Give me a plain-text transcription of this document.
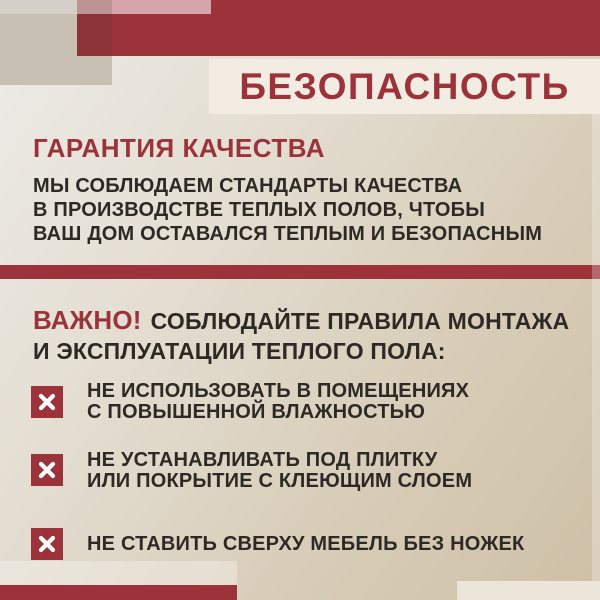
БЕЗОПАСНОСТЬ
ГАРАНТИЯ КАЧЕСТВА
МЫ СОБЛЮДАЕМ СТАНДАРТЫ КАЧЕСТВА
В ПРОИЗВОДСТВЕ ТЕПЛЫХ ПОЛОВ, ЧТОБЫ
ВАШ ДОМ ОСТАВАЛСЯ ТЕПЛЫМ И БЕЗОПАСНЫМ
ВАЖНО! СОБЛЮДАЙТЕ ПРАВИЛА МОНТАЖА
И ЭКСПЛУАТАЦИИ ТЕПЛОГО ПОЛА:
НЕ ИСПОЛЬЗОВАТЬ В ПОМЕЩЕНИЯХ
С ПОВЫШЕННОЙ ВЛАЖНОСТЬЮ
НЕ УСТАНАВЛИВАТЬ ПОД ПЛИТКУ
ИЛИ ПОКРЫТИЕ С КЛЕЮЩИМ СЛОЕМ
НЕ СТАВИТЬ СВЕРХУ МЕБЕЛЬ БЕЗ НОЖЕК
